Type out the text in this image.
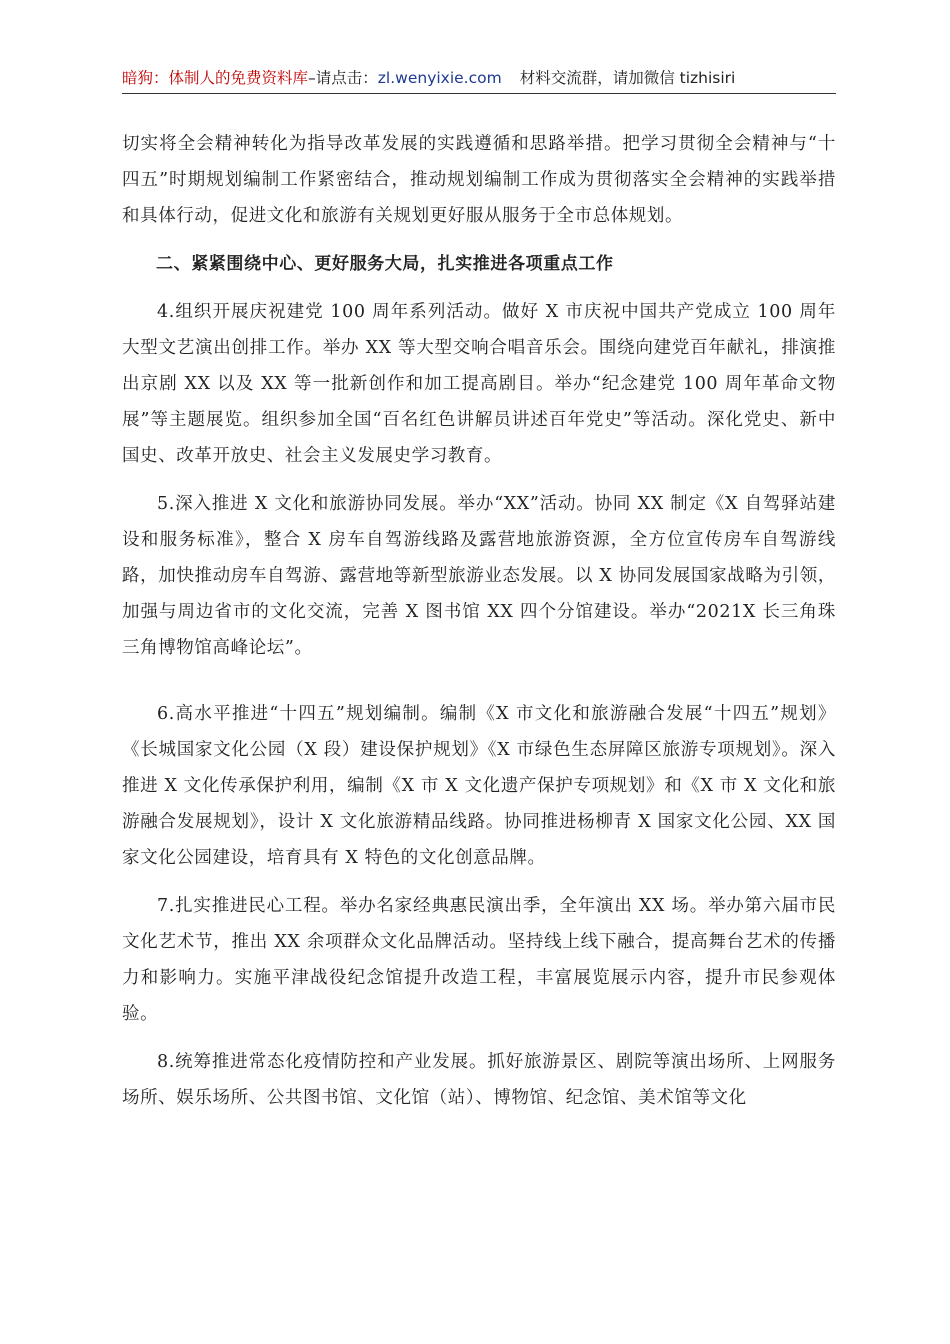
暗狗：体制人的免费资料库–请点击：zl.wenyixie.com 材料交流群，请加微信 tizhisiri

切实将全会精神转化为指导改革发展的实践遵循和思路举措。把学习贯彻全会精神与“十四五”时期规划编制工作紧密结合，推动规划编制工作成为贯彻落实全会精神的实践举措和具体行动，促进文化和旅游有关规划更好服从服务于全市总体规划。

二、紧紧围绕中心、更好服务大局，扎实推进各项重点工作

4.组织开展庆祝建党 100 周年系列活动。做好 X 市庆祝中国共产党成立 100 周年大型文艺演出创排工作。举办 XX 等大型交响合唱音乐会。围绕向建党百年献礼，排演推出京剧 XX 以及 XX 等一批新创作和加工提高剧目。举办“纪念建党 100 周年革命文物展”等主题展览。组织参加全国“百名红色讲解员讲述百年党史”等活动。深化党史、新中国史、改革开放史、社会主义发展史学习教育。

5.深入推进 X 文化和旅游协同发展。举办“XX”活动。协同 XX 制定《X 自驾驿站建设和服务标准》，整合 X 房车自驾游线路及露营地旅游资源，全方位宣传房车自驾游线路，加快推动房车自驾游、露营地等新型旅游业态发展。以 X 协同发展国家战略为引领，加强与周边省市的文化交流，完善 X 图书馆 XX 四个分馆建设。举办“2021X 长三角珠三角博物馆高峰论坛”。

6.高水平推进“十四五”规划编制。编制《X 市文化和旅游融合发展“十四五”规划》《长城国家文化公园（X 段）建设保护规划》《X 市绿色生态屏障区旅游专项规划》。深入推进 X 文化传承保护利用，编制《X 市 X 文化遗产保护专项规划》和《X 市 X 文化和旅游融合发展规划》，设计 X 文化旅游精品线路。协同推进杨柳青 X 国家文化公园、XX 国家文化公园建设，培育具有 X 特色的文化创意品牌。

7.扎实推进民心工程。举办名家经典惠民演出季，全年演出 XX 场。举办第六届市民文化艺术节，推出 XX 余项群众文化品牌活动。坚持线上线下融合，提高舞台艺术的传播力和影响力。实施平津战役纪念馆提升改造工程，丰富展览展示内容，提升市民参观体验。

8.统筹推进常态化疫情防控和产业发展。抓好旅游景区、剧院等演出场所、上网服务场所、娱乐场所、公共图书馆、文化馆（站）、博物馆、纪念馆、美术馆等文化
